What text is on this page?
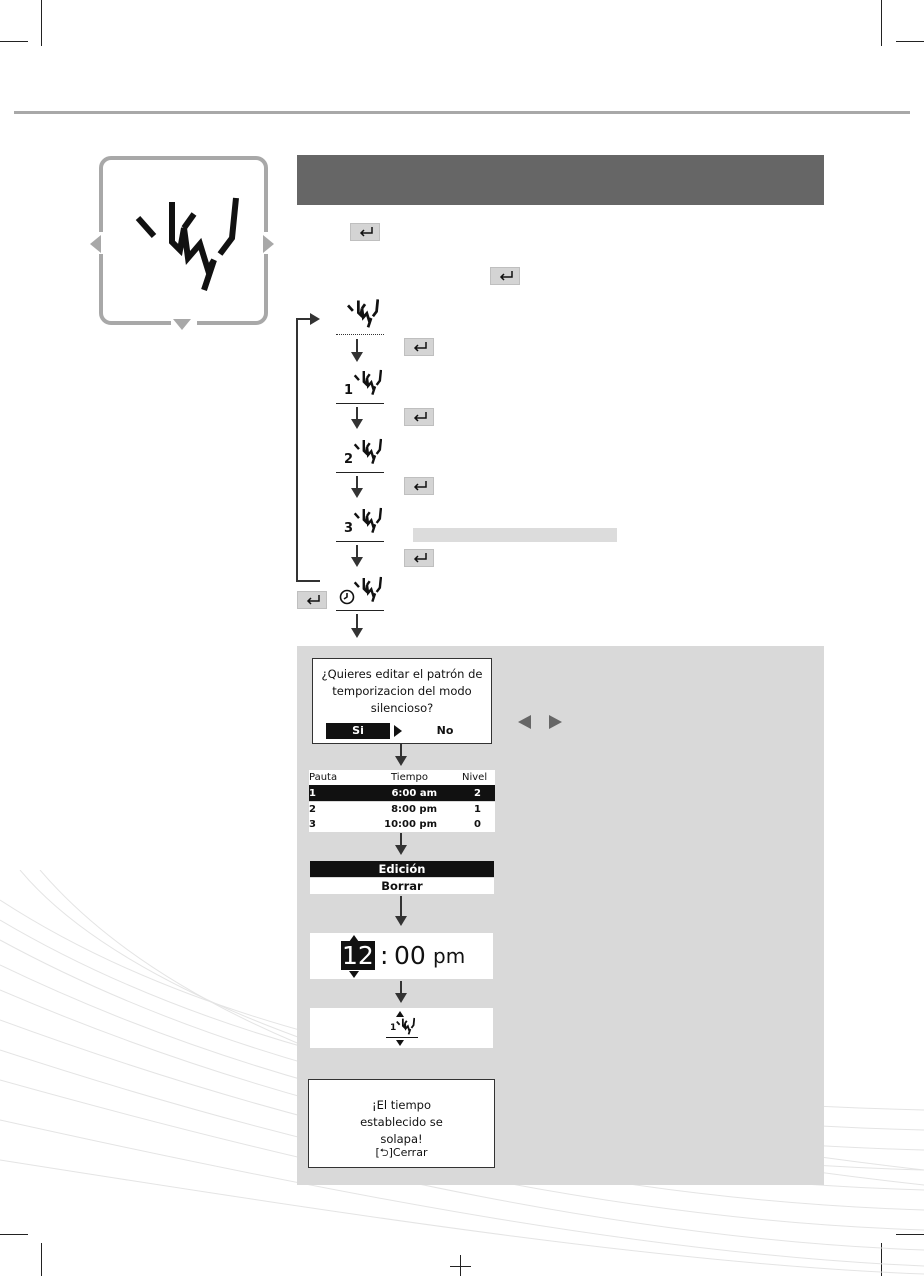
1
2
3
¿Quieres editar el patrón de temporizacion del modo silencioso?
Si	No
Pauta	Tiempo	Nivel
1	6:00 am	2
2	8:00 pm	1
3	10:00 pm	0
Edición
Borrar
12 : 00 pm
1
¡El tiempo establecido se solapa!
[⮌]Cerrar
